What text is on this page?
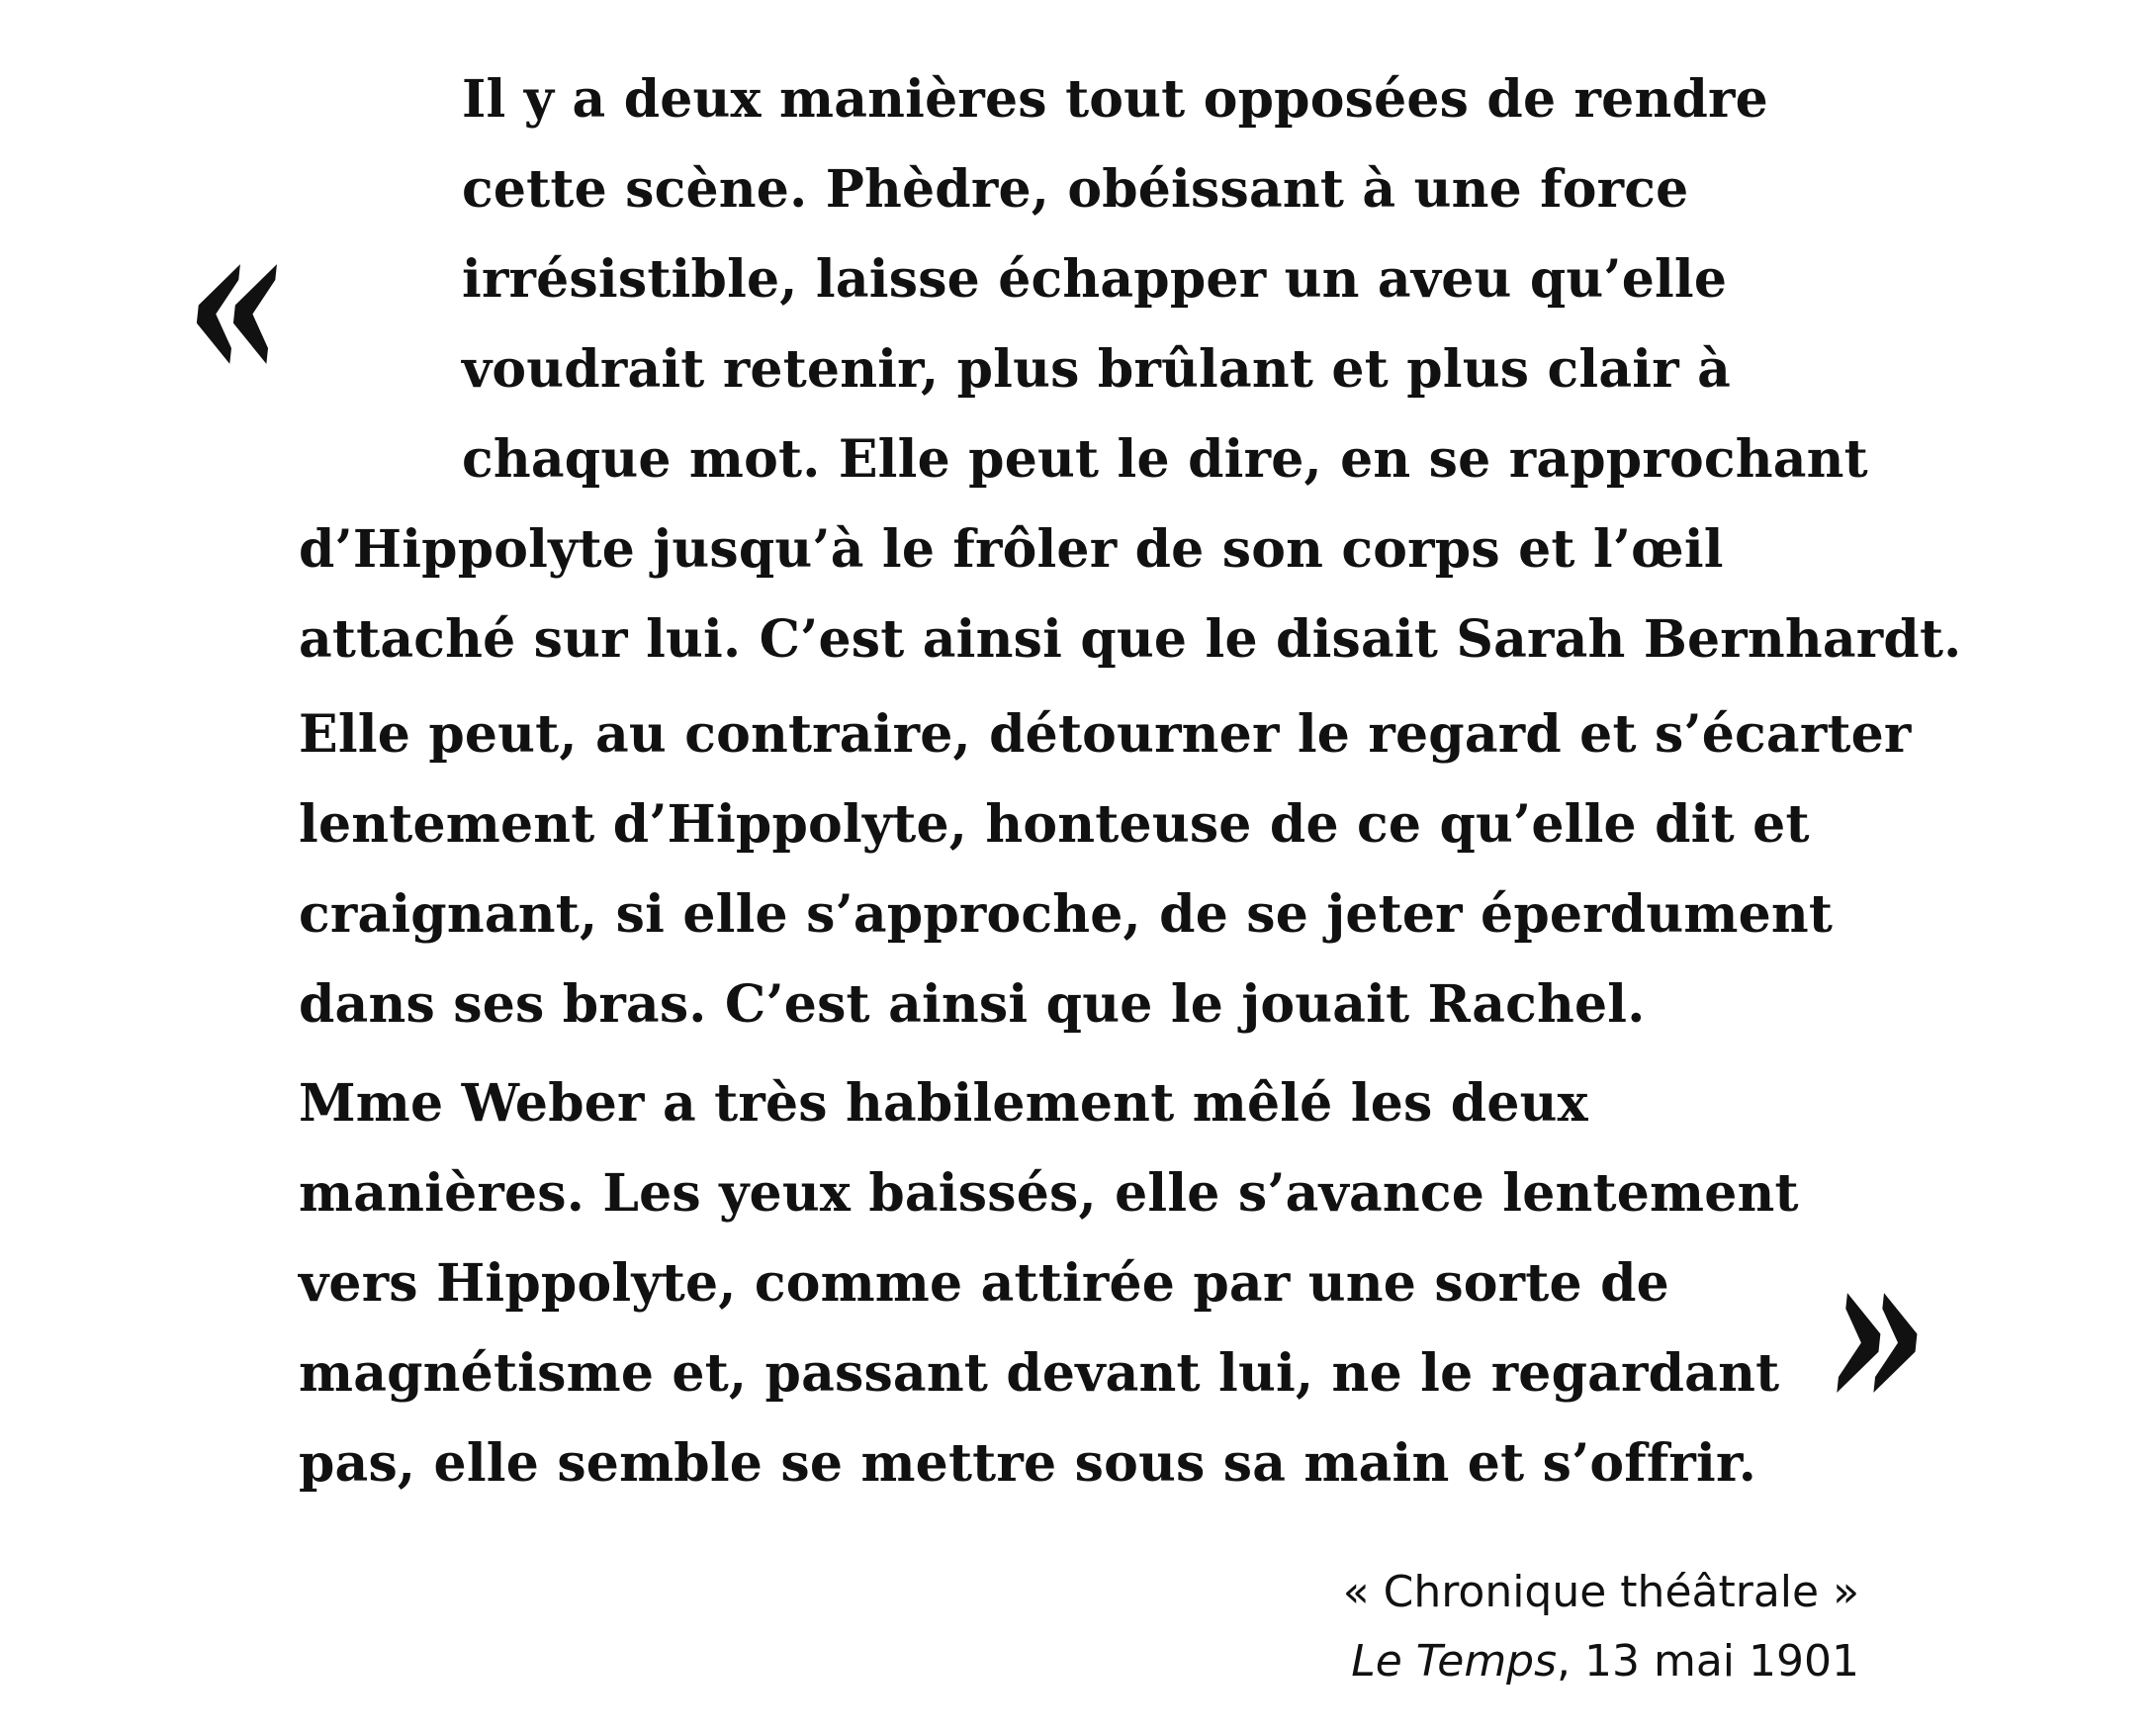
«

Il y a deux manières tout opposées de rendre
cette scène. Phèdre, obéissant à une force
irrésistible, laisse échapper un aveu qu’elle
voudrait retenir, plus brûlant et plus clair à
chaque mot. Elle peut le dire, en se rapprochant
d’Hippolyte jusqu’à le frôler de son corps et l’œil
attaché sur lui. C’est ainsi que le disait Sarah Bernhardt.

Elle peut, au contraire, détourner le regard et s’écarter
lentement d’Hippolyte, honteuse de ce qu’elle dit et
craignant, si elle s’approche, de se jeter éperdument
dans ses bras. C’est ainsi que le jouait Rachel.

Mme Weber a très habilement mêlé les deux
manières. Les yeux baissés, elle s’avance lentement
vers Hippolyte, comme attirée par une sorte de
magnétisme et, passant devant lui, ne le regardant
pas, elle semble se mettre sous sa main et s’offrir.

»
« Chronique théâtrale »
Le Temps, 13 mai 1901
